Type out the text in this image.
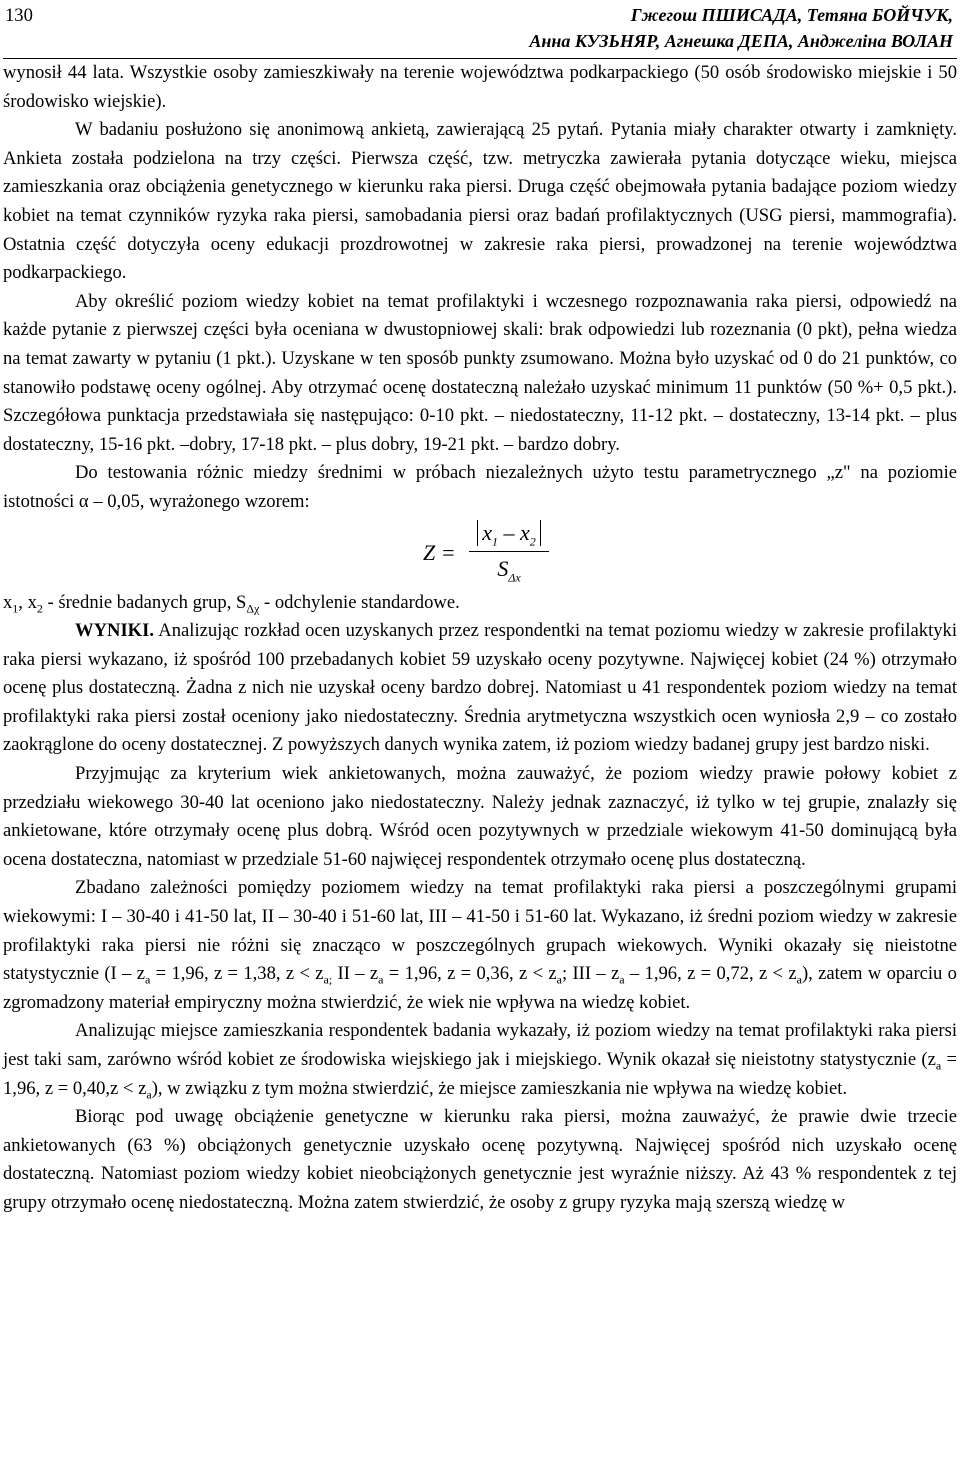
130	Гжегош ПШИСАДА, Тетяна БОЙЧУК,
Анна КУЗЬНЯР, Агнешка ДЕПА, Анджеліна ВОЛАН

wynosił 44 lata. Wszystkie osoby zamieszkiwały na terenie województwa podkarpackiego (50 osób środowisko miejskie i 50 środowisko wiejskie).

W badaniu posłużono się anonimową ankietą, zawierającą 25 pytań. Pytania miały charakter otwarty i zamknięty. Ankieta została podzielona na trzy części. Pierwsza część, tzw. metryczka zawierała pytania dotyczące wieku, miejsca zamieszkania oraz obciążenia genetycznego w kierunku raka piersi. Druga część obejmowała pytania badające poziom wiedzy kobiet na temat czynników ryzyka raka piersi, samobadania piersi oraz badań profilaktycznych (USG piersi, mammografia). Ostatnia część dotyczyła oceny edukacji prozdrowotnej w zakresie raka piersi, prowadzonej na terenie województwa podkarpackiego.

Aby określić poziom wiedzy kobiet na temat profilaktyki i wczesnego rozpoznawania raka piersi, odpowiedź na każde pytanie z pierwszej części była oceniana w dwustopniowej skali: brak odpowiedzi lub rozeznania (0 pkt), pełna wiedza na temat zawarty w pytaniu (1 pkt.). Uzyskane w ten sposób punkty zsumowano. Można było uzyskać od 0 do 21 punktów, co stanowiło podstawę oceny ogólnej. Aby otrzymać ocenę dostateczną należało uzyskać minimum 11 punktów (50 %+ 0,5 pkt.). Szczegółowa punktacja przedstawiała się następująco: 0-10 pkt. – niedostateczny, 11-12 pkt. – dostateczny, 13-14 pkt. – plus dostateczny, 15-16 pkt. –dobry, 17-18 pkt. – plus dobry, 19-21 pkt. – bardzo dobry.

Do testowania różnic miedzy średnimi w próbach niezależnych użyto testu parametrycznego „z" na poziomie istotności α – 0,05, wyrażonego wzorem:

Z =
$x_1 - x_2$
$S_{\Delta x}$

$x_1$, $x_2$ - średnie badanych grup, $S_{\Delta\chi}$ - odchylenie standardowe.

WYNIKI. Analizując rozkład ocen uzyskanych przez respondentki na temat poziomu wiedzy w zakresie profilaktyki raka piersi wykazano, iż spośród 100 przebadanych kobiet 59 uzyskało oceny pozytywne. Najwięcej kobiet (24 %) otrzymało ocenę plus dostateczną. Żadna z nich nie uzyskał oceny bardzo dobrej. Natomiast u 41 respondentek poziom wiedzy na temat profilaktyki raka piersi został oceniony jako niedostateczny. Średnia arytmetyczna wszystkich ocen wyniosła 2,9 – co zostało zaokrąglone do oceny dostatecznej. Z powyższych danych wynika zatem, iż poziom wiedzy badanej grupy jest bardzo niski.

Przyjmując za kryterium wiek ankietowanych, można zauważyć, że poziom wiedzy prawie połowy kobiet z przedziału wiekowego 30-40 lat oceniono jako niedostateczny. Należy jednak zaznaczyć, iż tylko w tej grupie, znalazły się ankietowane, które otrzymały ocenę plus dobrą. Wśród ocen pozytywnych w przedziale wiekowym 41-50 dominującą była ocena dostateczna, natomiast w przedziale 51-60 najwięcej respondentek otrzymało ocenę plus dostateczną.

Zbadano zależności pomiędzy poziomem wiedzy na temat profilaktyki raka piersi a poszczególnymi grupami wiekowymi: I – 30-40 i 41-50 lat, II – 30-40 i 51-60 lat, III – 41-50 i 51-60 lat. Wykazano, iż średni poziom wiedzy w zakresie profilaktyki raka piersi nie różni się znacząco w poszczególnych grupach wiekowych. Wyniki okazały się nieistotne statystycznie ($I - z_a = 1,96$, z = 1,38, $z < z_{a;}$ II – $z_a = 1,96$, z = 0,36, $z < z_a$; III – $z_a - 1,96$, z = 0,72, $z < z_a$), zatem w oparciu o zgromadzony materiał empiryczny można stwierdzić, że wiek nie wpływa na wiedzę kobiet.

Analizując miejsce zamieszkania respondentek badania wykazały, iż poziom wiedzy na temat profilaktyki raka piersi jest taki sam, zarówno wśród kobiet ze środowiska wiejskiego jak i miejskiego. Wynik okazał się nieistotny statystycznie ($z_a = 1,96$, $z = 0,40,z < z_a$), w związku z tym można stwierdzić, że miejsce zamieszkania nie wpływa na wiedzę kobiet.

Biorąc pod uwagę obciążenie genetyczne w kierunku raka piersi, można zauważyć, że prawie dwie trzecie ankietowanych (63 %) obciążonych genetycznie uzyskało ocenę pozytywną. Najwięcej spośród nich uzyskało ocenę dostateczną. Natomiast poziom wiedzy kobiet nieobciążonych genetycznie jest wyraźnie niższy. Aż 43 % respondentek z tej grupy otrzymało ocenę niedostateczną. Można zatem stwierdzić, że osoby z grupy ryzyka mają szerszą wiedzę w
